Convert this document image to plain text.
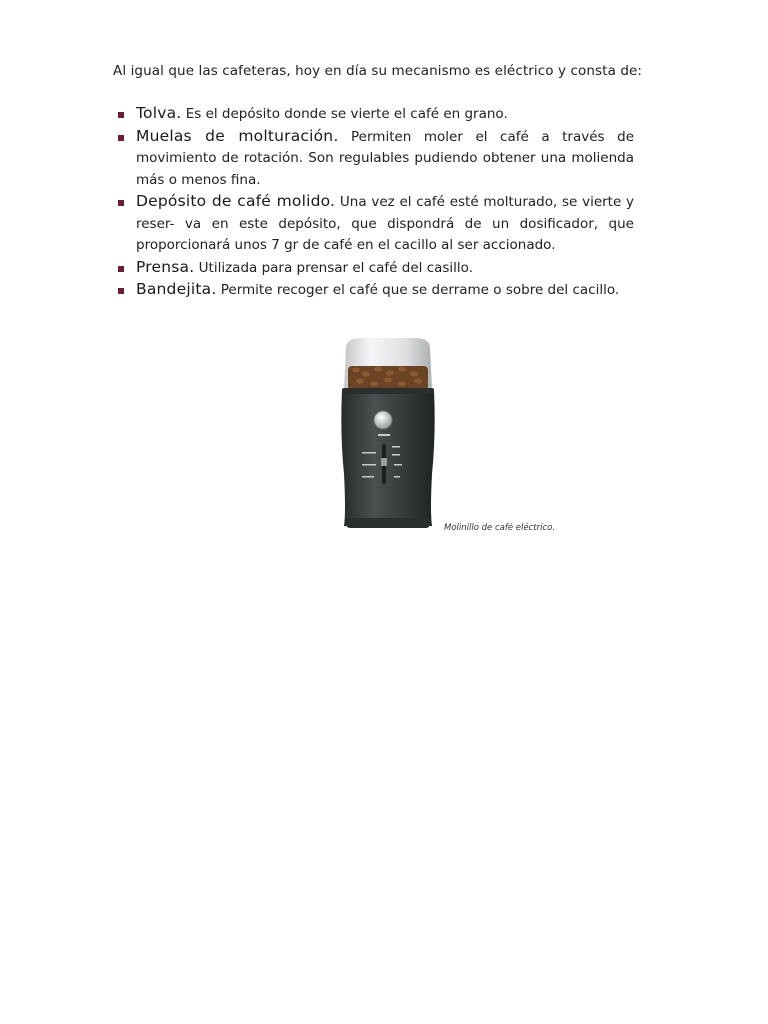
Al igual que las cafeteras, hoy en día su mecanismo es eléctrico y consta de:

Tolva. Es el depósito donde se vierte el café en grano.
Muelas de molturación. Permiten moler el café a través de movimiento de rotación. Son regulables pudiendo obtener una molienda más o menos fina.
Depósito de café molido. Una vez el café esté molturado, se vierte y reser- va en este depósito, que dispondrá de un dosificador, que proporcionará unos 7 gr de café en el cacillo al ser accionado.
Prensa. Utilizada para prensar el café del casillo.
Bandejita. Permite recoger el café que se derrame o sobre del cacillo.
Molinillo de café eléctrico.
